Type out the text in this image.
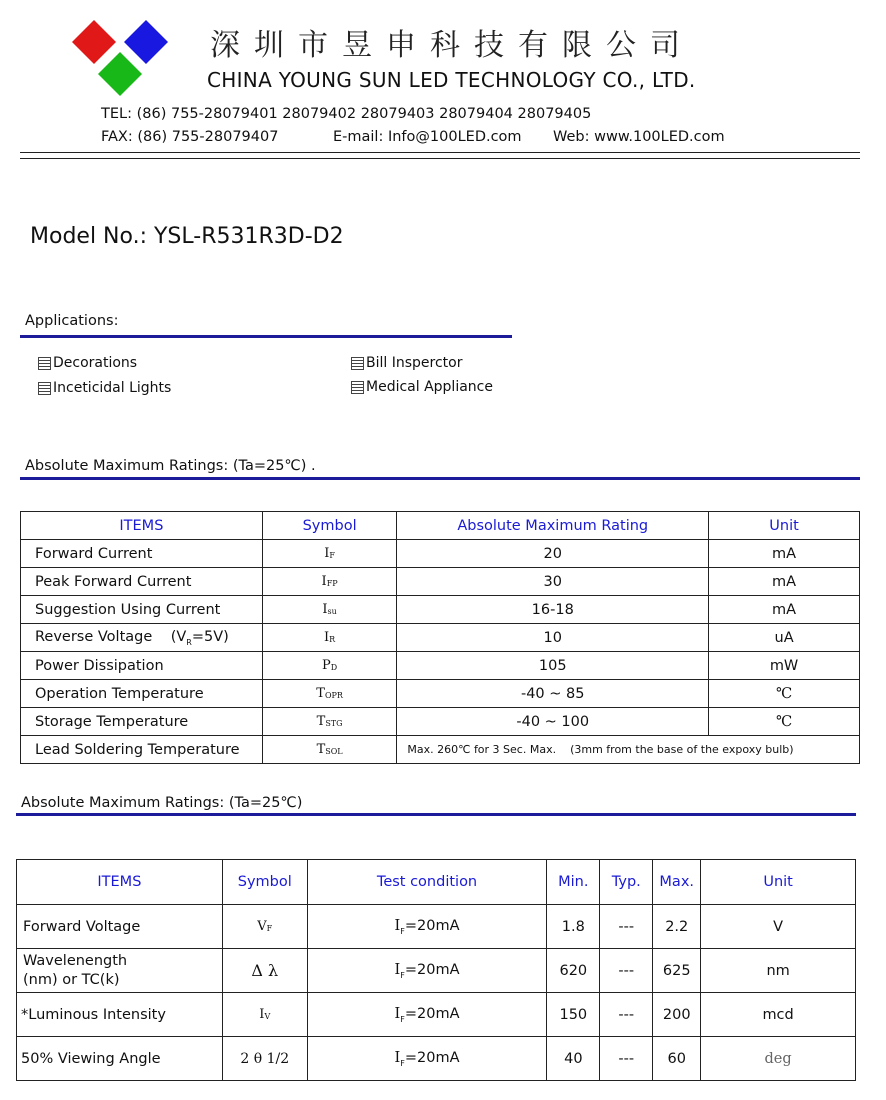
深圳市昱申科技有限公司
CHINA YOUNG SUN LED TECHNOLOGY CO., LTD.
TEL: (86) 755-28079401 28079402 28079403 28079404 28079405
FAX: (86) 755-28079407	E-mail: Info@100LED.com Web: www.100LED.com
Model No.: YSL-R531R3D-D2
Applications:
Decorations	Bill Insperctor
Inceticidal Lights	Medical Appliance
Absolute Maximum Ratings: (Ta=25℃) .
ITEMS	Symbol	Absolute Maximum Rating	Unit
Forward Current	$I_F$	20	mA
Peak Forward Current	$I_{FP}$	30	mA
Suggestion Using Current	$I_{su}$	16-18	mA
Reverse Voltage    $(V_R=5V)$	$I_R$	10	uA
Power Dissipation	$P_D$	105	mW
Operation Temperature	$T_{OPR}$	-40 ~ 85	℃
Storage Temperature	$T_{STG}$	-40 ~ 100	℃
Lead Soldering Temperature	$T_{SOL}$	Max. 260℃ for 3 Sec. Max.    (3mm from the base of the expoxy bulb)	
Absolute Maximum Ratings: (Ta=25℃)
ITEMS	Symbol	Test condition	Min.	Typ.	Max.	Unit
Forward Voltage	$V_F$	$I_F=20mA$	1.8	---	2.2	V
Wavelenength
(nm) or TC(k)	Δ λ	$I_F=20mA$	620	---	625	nm
*Luminous Intensity	$I_V$	$I_F=20mA$	150	---	200	mcd
50% Viewing Angle	2 θ 1/2	$I_F=20mA$	40	---	60	deg
